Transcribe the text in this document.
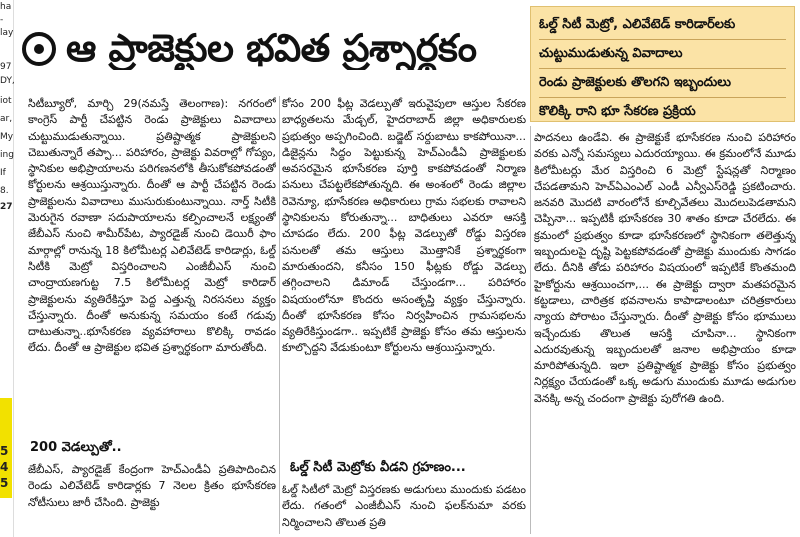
ha
-
lay
97
DY,
iot
ar,
My
ing
If
8.
27
5
4
5
ఆ ప్రాజెక్టుల భవిత ప్రశ్నార్థకం
ఓల్డ్ సిటీ మెట్రో, ఎలివేటెడ్ కారిడార్‌లకు
చుట్టుముడుతున్న వివాదాలు
రెండు ప్రాజెక్టులకు తొలగని ఇబ్బందులు
కొలిక్కి రాని భూ సేకరణ ప్రక్రియ

సిటీబ్యూరో, మార్చి 29(నమస్తే తెలంగాణ): నగరంలో కాంగ్రెస్ పార్టీ చేపట్టిన రెండు ప్రాజెక్టులు వివాదాలు చుట్టుముడుతున్నాయి. ప్రతిష్టాత్మక ప్రాజెక్టులని చెబుతున్నారే తప్పా... పరిహారం, ప్రాజెక్టు వివరాల్లో గోప్యం, స్థానికుల అభిప్రాయాలను పరిగణనలోకి తీసుకోకపోవడంతో కోర్టులను ఆశ్రయిస్తున్నారు. దీంతో ఆ పార్టీ చేపట్టిన రెండు ప్రాజెక్టులను వివాదాలు ముసురుకుంటున్నాయి. నార్త్ సిటీకి మెరుగైన రవాణా సదుపాయాలను కల్పించాలనే లక్ష్యంతో జేబీఎస్ నుంచి శామీర్‌పేట, ప్యారడైజ్ నుంచి డెయిరీ ఫాం మార్గాల్లో రానున్న 18 కిలోమీటర్ల ఎలివేటెడ్ కారిడార్లు, ఓల్డ్ సిటీకి మెట్రో విస్తరించాలని ఎంజీబీఎస్ నుంచి చాంద్రాయణగుట్ట 7.5 కిలోమీటర్ల మెట్రో కారిడార్ ప్రాజెక్టులను వ్యతిరేకిస్తూ పెద్ద ఎత్తున్న నిరసనలు వ్యక్తం చేస్తున్నారు. దీంతో అనుకున్న సమయం కంటే గడువు దాటుతున్నా..భూసేకరణ వ్యవహారాలు కొలిక్కి రావడం లేదు. దీంతో ఆ ప్రాజెక్టుల భవిత ప్రశ్నార్థకంగా మారుతోంది.

200 వెడల్పుతో..

జేబీఎస్, ప్యారడైజ్ కేంద్రంగా హెచ్‌ఎండీఏ ప్రతిపాదించిన రెండు ఎలివేటెడ్ కారిడార్లకు 7 నెలల క్రితం భూసేకరణ నోటీసులు జారీ చేసింది. ప్రాజెక్టు

కోసం 200 ఫీట్ల వెడల్పుతో ఇరువైపులా ఆస్తుల సేకరణ బాధ్యతలను మేడ్చల్, హైదరాబాద్ జిల్లా అధికారులకు ప్రభుత్వం అప్పగించింది. బడ్జెట్ సర్దుబాటు కాకపోయినా... డిజైన్లను సిద్ధం పెట్టుకున్న హెచ్‌ఎండీఏ ప్రాజెక్టులకు అవసరమైన భూసేకరణ పూర్తి కాకపోవడంతో నిర్మాణ పనులు చేపట్టలేకపోతున్నది. ఈ అంశంలో రెండు జిల్లాల రెవెన్యూ, భూసేకరణ అధికారులు గ్రామ సభలకు రావాలని స్థానికులను కోరుతున్నా... బాధితులు ఎవరూ ఆసక్తి చూపడం లేదు. 200 ఫీట్ల వెడల్పుతో రోడ్డు విస్తరణ పనులతో తమ ఆస్తులు మొత్తానికే ప్రశ్నార్థకంగా మారుతుందని, కనీసం 150 ఫీట్లకు రోడ్డు వెడల్పు తగ్గించాలని డిమాండ్ చేస్తుండగా... పరిహారం విషయంలోనూ కొందరు అసంతృప్తి వ్యక్తం చేస్తున్నారు. దీంతో భూసేకరణ కోసం నిర్వహించిన గ్రామసభలను వ్యతిరేకిస్తుండగా.. ఇప్పటికే ప్రాజెక్టు కోసం తమ ఆస్తులను కూల్చొద్దని వేడుకుంటూ కోర్టులను ఆశ్రయిస్తున్నారు.

ఓల్డ్ సిటీ మెట్రోకు వీడని గ్రహణం...

ఓల్డ్ సిటీలో మెట్రో విస్తరణకు అడుగులు ముందుకు పడటం లేదు. గతంలో ఎంజీబీఎస్ నుంచి ఫలక్‌నుమా వరకు నిర్మించాలని తొలుత ప్రతి

పాదనలు ఉండేవి. ఈ ప్రాజెక్టుకే భూసేకరణ నుంచి పరిహారం వరకు ఎన్నో సమస్యలు ఎదురయ్యాయి. ఈ క్రమంలోనే మూడు కిలోమీటర్లు మేర విస్తరించి 6 మెట్రో స్టేషన్లతో నిర్మాణం చేపడతామని హెచ్‌ఏఎంఎల్ ఎండీ ఎన్వీఎస్‌రెడ్డి ప్రకటించారు. జనవరి మొదటి వారంలోనే కూల్చివేతలు మొదలుపెడతామని చెప్పినా... ఇప్పటికీ భూసేకరణ 30 శాతం కూడా చేరలేదు. ఈ క్రమంలో ప్రభుత్వం కూడా భూసేకరణలో స్థానికంగా తలెత్తున్న ఇబ్బందులపై దృష్టి పెట్టకపోవడంతో ప్రాజెక్టు ముందుకు సాగడం లేదు. దీనికి తోడు పరిహారం విషయంలో ఇప్పటికే కొంతమంది హైకోర్టును ఆశ్రయించగా,... ఈ ప్రాజెక్టు ద్వారా మతపరమైన కట్టడాలు, చారిత్రక భవనాలను కాపాడాలంటూ చరిత్రకారులు న్యాయ పోరాటం చేస్తున్నారు. దీంతో ప్రాజెక్టు కోసం భూములు ఇచ్చేందుకు తొలుత ఆసక్తి చూపినా... స్థానికంగా ఎదురవుతున్న ఇబ్బందులతో జనాల అభిప్రాయం కూడా మారిపోతున్నది. ఇలా ప్రతిష్టాత్మక ప్రాజెక్టు కోసం ప్రభుత్వం నిర్లక్ష్యం చేయడంతో ఒక్క అడుగు ముందుకు మూడు అడుగుల వెనక్కి అన్న చందంగా ప్రాజెక్టు పురోగతి ఉంది.
